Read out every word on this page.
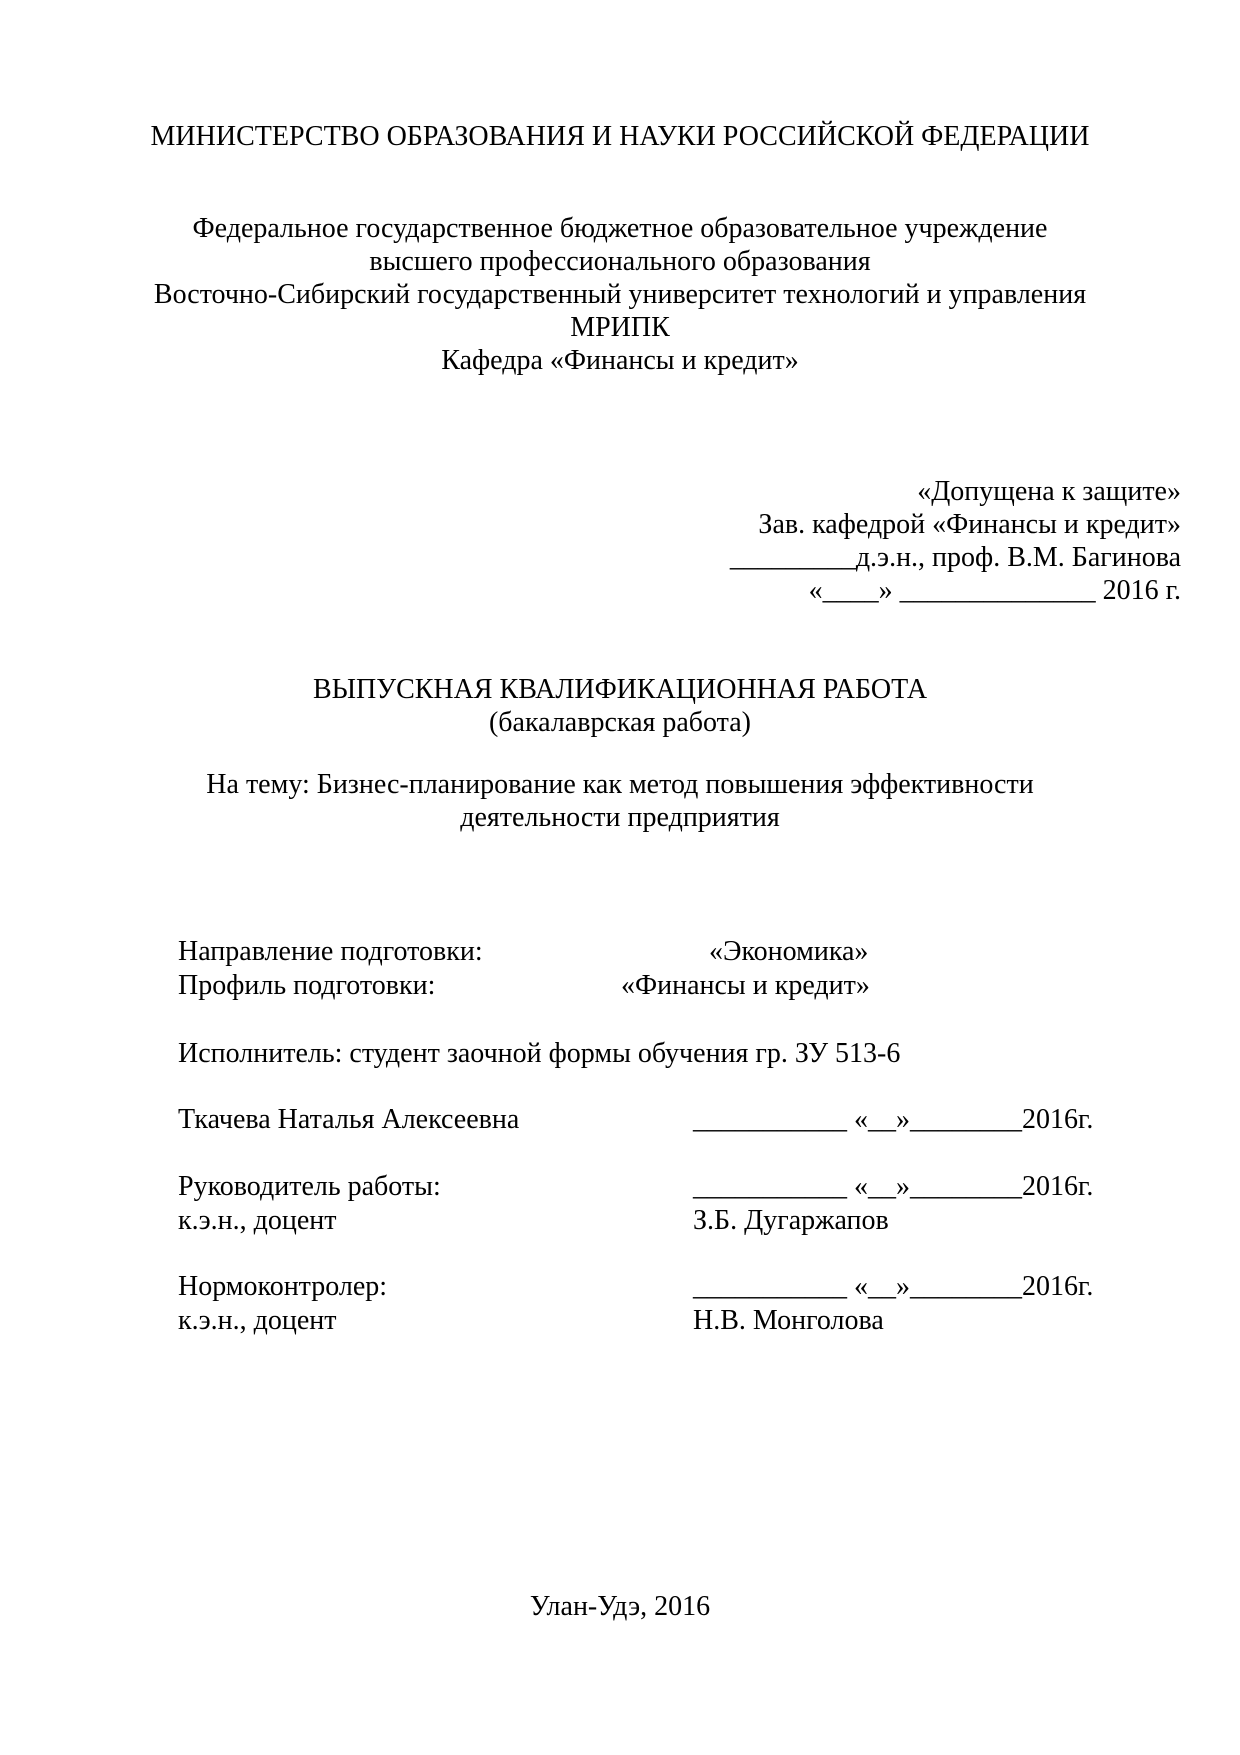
МИНИСТЕРСТВО ОБРАЗОВАНИЯ И НАУКИ РОССИЙСКОЙ ФЕДЕРАЦИИ
Федеральное государственное бюджетное образовательное учреждение
высшего профессионального образования
Восточно-Сибирский государственный университет технологий и управления
МРИПК
Кафедра «Финансы и кредит»
«Допущена к защите»
Зав. кафедрой «Финансы и кредит»
_________д.э.н., проф. В.М. Багинова
«____» ______________ 2016 г.
ВЫПУСКНАЯ КВАЛИФИКАЦИОННАЯ РАБОТА
(бакалаврская работа)
На тему: Бизнес-планирование как метод повышения эффективности
деятельности предприятия
Направление подготовки:	«Экономика»
Профиль подготовки:	«Финансы и кредит»
Исполнитель: студент заочной формы обучения гр. ЗУ 513-6
Ткачева Наталья Алексеевна	___________ «__»________2016г.
Руководитель работы:	___________ «__»________2016г.
к.э.н., доцент	З.Б. Дугаржапов
Нормоконтролер:	___________ «__»________2016г.
к.э.н., доцент	Н.В. Монголова
Улан-Удэ, 2016
